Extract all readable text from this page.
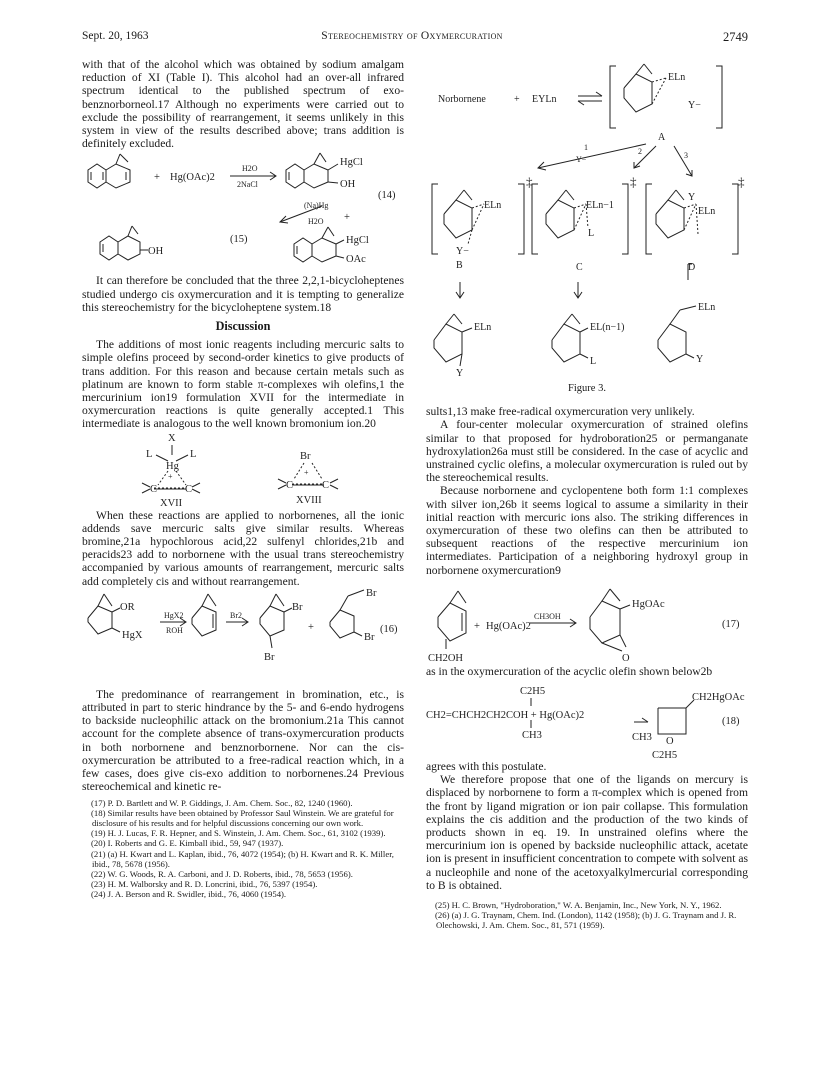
Sept. 20, 1963	Stereochemistry of Oxymercuration	2749

with that of the alcohol which was obtained by sodium amalgam reduction of XI (Table I). This alcohol had an over-all infrared spectrum identical to the published spectrum of exo-benznorborneol.17 Although no experiments were carried out to exclude the possibility of rearrangement, it seems unlikely in this system in view of the results described above; trans addition is definitely excluded.

+ Hg(OAc)2
H2O
2NaCl
HgCl
OH
(14)
(Na)Hg
H2O +
(15)
OH
HgCl
OAc

It can therefore be concluded that the three 2,2,1-bicycloheptenes studied undergo cis oxymercuration and it is tempting to generalize this stereochemistry for the bicycloheptene system.18

Discussion

The additions of most ionic reagents including mercuric salts to simple olefins proceed by second-order kinetics to give products of trans addition. For this reason and because certain metals such as platinum are known to form stable π-complexes wih olefins,1 the mercurinium ion19 formulation XVII for the intermediate in oxymercuration reactions is quite generally accepted.1 This intermediate is analogous to the well known bromonium ion.20

X
L	L
Hg
+
C	C
XVII
Br
+
C	C
XVIII

When these reactions are applied to norbornenes, all the ionic addends save mercuric salts give similar results. Whereas bromine,21a hypochlorous acid,22 sulfenyl chlorides,21b and peracids23 add to norbornene with the usual trans stereochemistry accompanied by various amounts of rearrangement, mercuric salts add completely cis and without rearrangement.

OR
HgX
HgX2
ROH
Br2
Br
Br
+
Br
Br
(16)

The predominance of rearrangement in bromination, etc., is attributed in part to steric hindrance by the 5- and 6-endo hydrogens to backside nucleophilic attack on the bromonium.21a This cannot account for the complete absence of trans-oxymercuration products in both norbornene and benznorbornene. Nor can the cis-oxymercuration be attributed to a free-radical reaction which, in a few cases, does give cis-exo addition to norbornenes.24 Previous stereochemical and kinetic re-

(17) P. D. Bartlett and W. P. Giddings, J. Am. Chem. Soc., 82, 1240 (1960).

(18) Similar results have been obtained by Professor Saul Winstein. We are grateful for disclosure of his results and for helpful discussions concerning our own work.

(19) H. J. Lucas, F. R. Hepner, and S. Winstein, J. Am. Chem. Soc., 61, 3102 (1939).

(20) I. Roberts and G. E. Kimball ibid., 59, 947 (1937).

(21) (a) H. Kwart and L. Kaplan, ibid., 76, 4072 (1954); (b) H. Kwart and R. K. Miller, ibid., 78, 5678 (1956).

(22) W. G. Woods, R. A. Carboni, and J. D. Roberts, ibid., 78, 5653 (1956).

(23) H. M. Walborsky and R. D. Loncrini, ibid., 76, 5397 (1954).

(24) J. A. Berson and R. Swidler, ibid., 76, 4060 (1954).

Norbornene	+ EYLn
ELn
Y−
A
1
Y−
2	3
ELn
Y−
B
‡
ELn−1
L
C
‡
Y
ELn
D
‡
ELn
Y
EL(n−1)
L
ELn
Y
Figure 3.

sults1,13 make free-radical oxymercuration very unlikely.

A four-center molecular oxymercuration of strained olefins similar to that proposed for hydroboration25 or permanganate hydroxylation26a must still be considered. In the case of acyclic and unstrained cyclic olefins, a molecular oxymercuration is ruled out by the stereochemical results.

Because norbornene and cyclopentene both form 1:1 complexes with silver ion,26b it seems logical to assume a similarity in their initial reaction with mercuric ions also. The striking differences in oxymercuration of these two olefins can then be attributed to subsequent reactions of the respective mercurinium ion intermediates. Participation of a neighboring hydroxyl group in norbornene oxymercuration9

+ Hg(OAc)2
CH3OH
CH2OH
HgOAc
O
(17)

as in the oxymercuration of the acyclic olefin shown below2b

C2H5
CH2=CHCH2CH2COH + Hg(OAc)2
CH3
CH2HgOAc
CH3 O
C2H5
(18)

agrees with this postulate.

We therefore propose that one of the ligands on mercury is displaced by norbornene to form a π-complex which is opened from the front by ligand migration or ion pair collapse. This formulation explains the cis addition and the production of the two kinds of products shown in eq. 19. In unstrained olefins where the mercurinium ion is opened by backside nucleophilic attack, acetate ion is present in insufficient concentration to compete with solvent as a nucleophile and none of the acetoxyalkylmercurial corresponding to B is obtained.

(25) H. C. Brown, "Hydroboration," W. A. Benjamin, Inc., New York, N. Y., 1962.

(26) (a) J. G. Traynam, Chem. Ind. (London), 1142 (1958); (b) J. G. Traynam and J. R. Olechowski, J. Am. Chem. Soc., 81, 571 (1959).
